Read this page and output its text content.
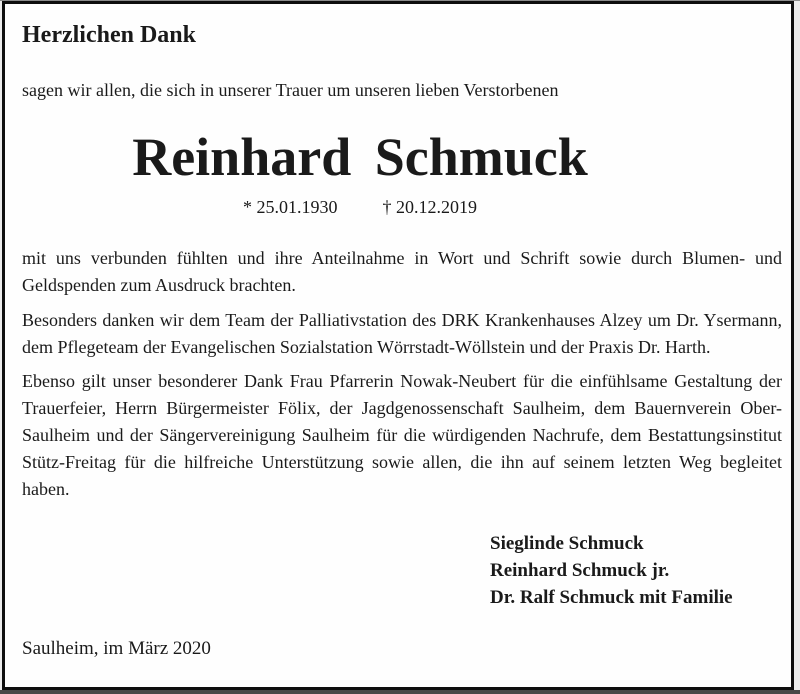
Herzlichen Dank

sagen wir allen, die sich in unserer Trauer um unseren lieben Verstorbenen

Reinhard Schmuck
* 25.01.1930	† 20.12.2019

mit uns verbunden fühlten und ihre Anteilnahme in Wort und Schrift sowie durch Blumen- und Geldspenden zum Ausdruck brachten.

Besonders danken wir dem Team der Palliativstation des DRK Krankenhauses Alzey um Dr. Ysermann, dem Pflegeteam der Evangelischen Sozialstation Wörrstadt-Wöllstein und der Praxis Dr. Harth.

Ebenso gilt unser besonderer Dank Frau Pfarrerin Nowak-Neubert für die einfühlsame Gestaltung der Trauerfeier, Herrn Bürgermeister Fölix, der Jagdgenossenschaft Saulheim, dem Bauernverein Ober-Saulheim und der Sängervereinigung Saulheim für die würdigenden Nachrufe, dem Bestattungsinstitut Stütz-Freitag für die hilfreiche Unterstützung sowie allen, die ihn auf seinem letzten Weg begleitet haben.

Sieglinde Schmuck
Reinhard Schmuck jr.
Dr. Ralf Schmuck mit Familie

Saulheim, im März 2020
